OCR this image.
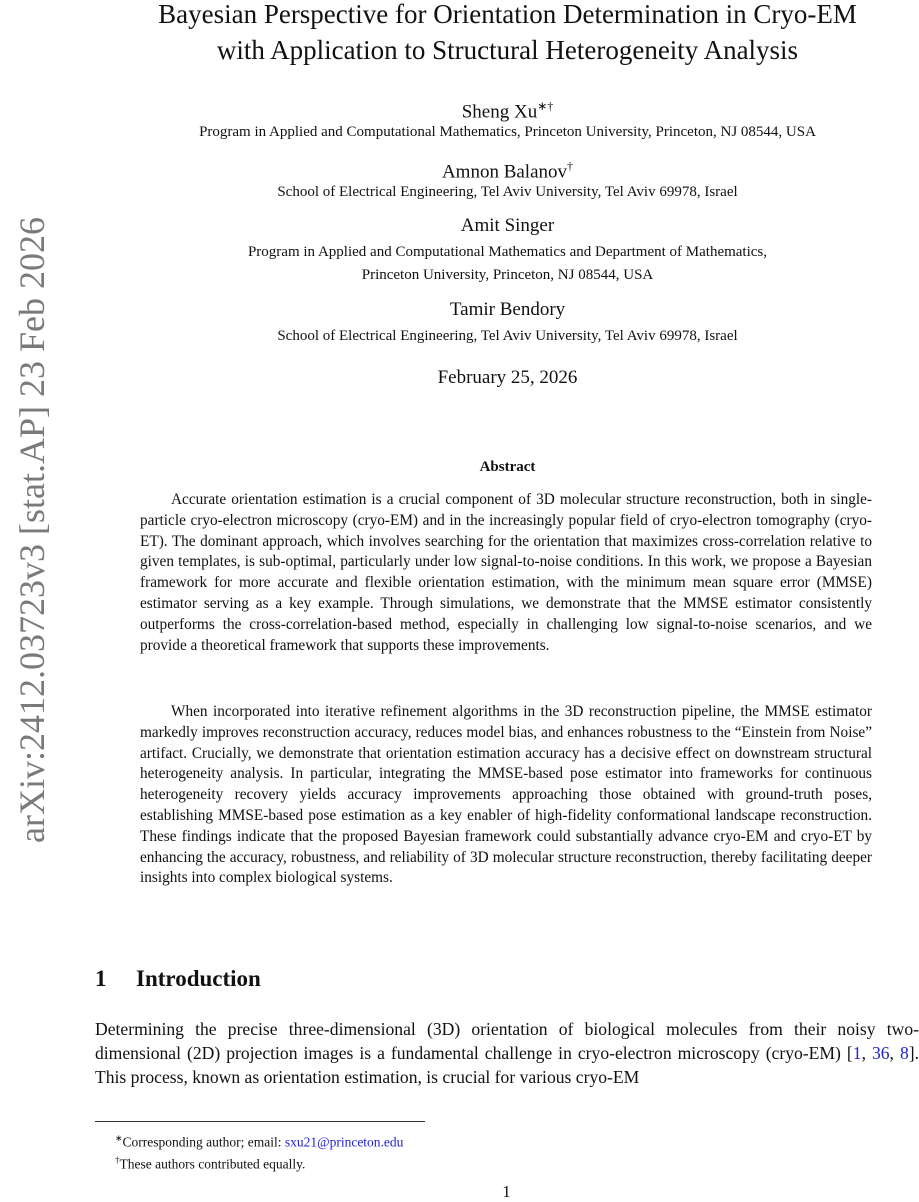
arXiv:2412.03723v3 [stat.AP] 23 Feb 2026
Bayesian Perspective for Orientation Determination in Cryo-EM
with Application to Structural Heterogeneity Analysis
Sheng Xu∗†
Program in Applied and Computational Mathematics, Princeton University, Princeton, NJ 08544, USA
Amnon Balanov†
School of Electrical Engineering, Tel Aviv University, Tel Aviv 69978, Israel
Amit Singer
Program in Applied and Computational Mathematics and Department of Mathematics,
Princeton University, Princeton, NJ 08544, USA
Tamir Bendory
School of Electrical Engineering, Tel Aviv University, Tel Aviv 69978, Israel
February 25, 2026
Abstract
Accurate orientation estimation is a crucial component of 3D molecular structure reconstruction, both in single-particle cryo-electron microscopy (cryo-EM) and in the increasingly popular field of cryo-electron tomography (cryo-ET). The dominant approach, which involves searching for the orientation that maximizes cross-correlation relative to given templates, is sub-optimal, particularly under low signal-to-noise conditions. In this work, we propose a Bayesian framework for more accurate and flexible orientation estimation, with the minimum mean square error (MMSE) estimator serving as a key example. Through simulations, we demonstrate that the MMSE estimator consistently outperforms the cross-correlation-based method, especially in challenging low signal-to-noise scenarios, and we provide a theoretical framework that supports these improvements.
When incorporated into iterative refinement algorithms in the 3D reconstruction pipeline, the MMSE estimator markedly improves reconstruction accuracy, reduces model bias, and enhances robustness to the “Einstein from Noise” artifact. Crucially, we demonstrate that orientation estimation accuracy has a decisive effect on downstream structural heterogeneity analysis. In particular, integrating the MMSE-based pose estimator into frameworks for continuous heterogeneity recovery yields accuracy improvements approaching those obtained with ground-truth poses, establishing MMSE-based pose estimation as a key enabler of high-fidelity conformational landscape reconstruction. These findings indicate that the proposed Bayesian framework could substantially advance cryo-EM and cryo-ET by enhancing the accuracy, robustness, and reliability of 3D molecular structure reconstruction, thereby facilitating deeper insights into complex biological systems.
1 Introduction
Determining the precise three-dimensional (3D) orientation of biological molecules from their noisy two-dimensional (2D) projection images is a fundamental challenge in cryo-electron microscopy (cryo-EM) [1, 36, 8]. This process, known as orientation estimation, is crucial for various cryo-EM
∗Corresponding author; email: sxu21@princeton.edu
†These authors contributed equally.
1
